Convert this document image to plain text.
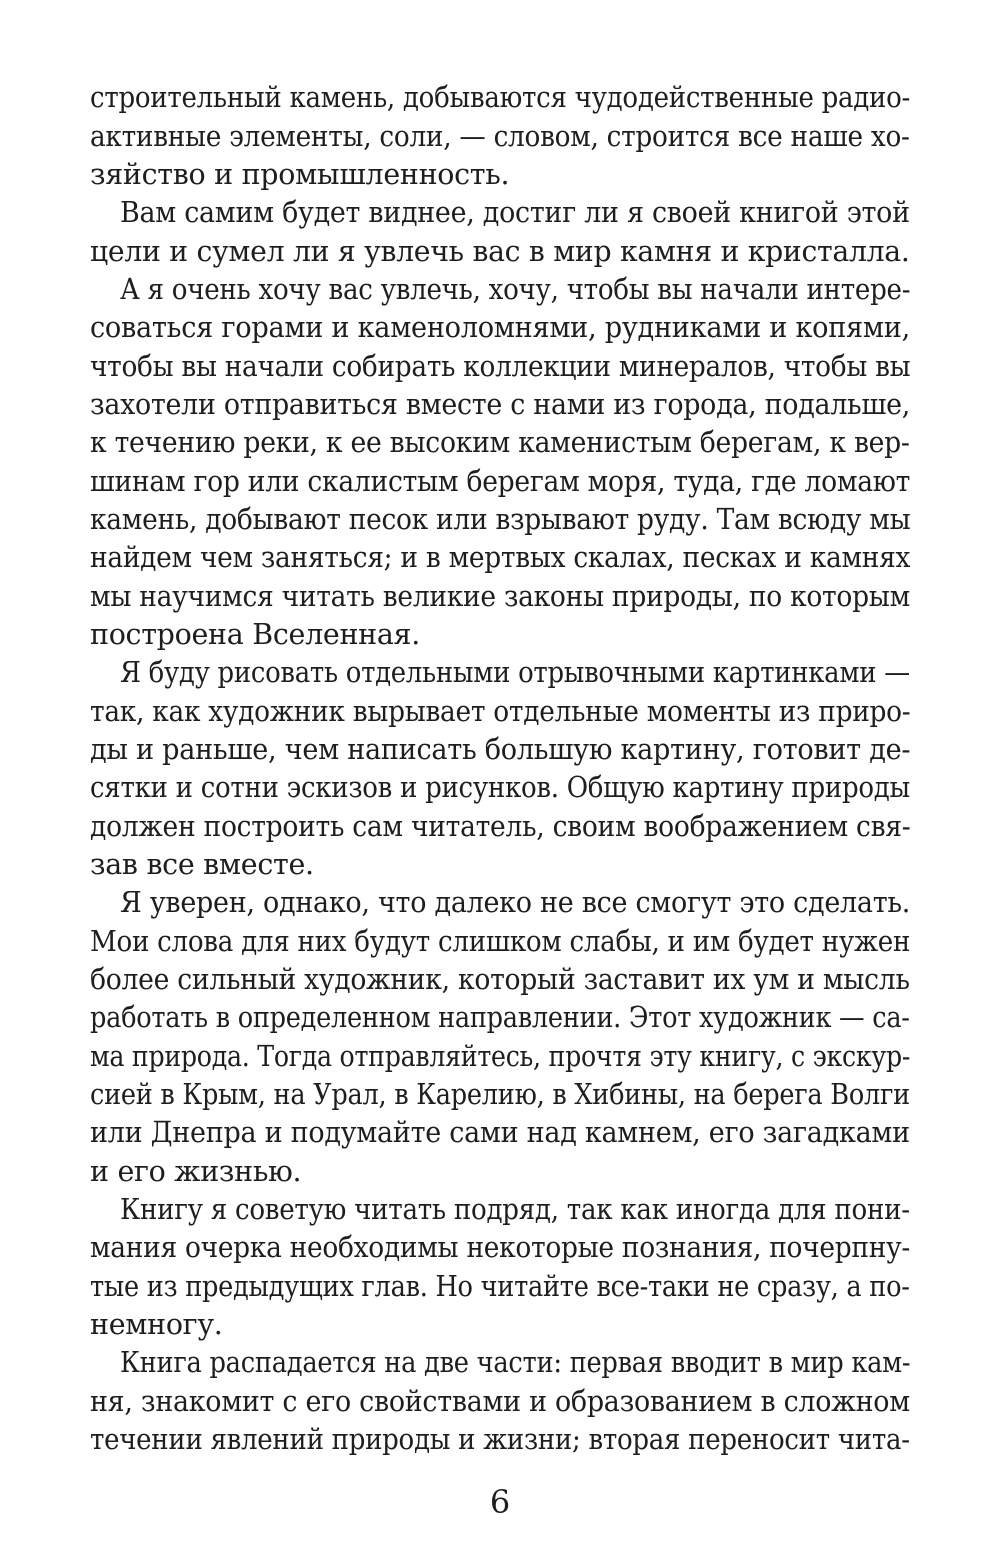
строительный камень, добываются чудодейственные радио-
активные элементы, соли, — словом, строится все наше хо-
зяйство и промышленность.
Вам самим будет виднее, достиг ли я своей книгой этой
цели и сумел ли я увлечь вас в мир камня и кристалла.
А я очень хочу вас увлечь, хочу, чтобы вы начали интере-
соваться горами и каменоломнями, рудниками и копями,
чтобы вы начали собирать коллекции минералов, чтобы вы
захотели отправиться вместе с нами из города, подальше,
к течению реки, к ее высоким каменистым берегам, к вер-
шинам гор или скалистым берегам моря, туда, где ломают
камень, добывают песок или взрывают руду. Там всюду мы
найдем чем заняться; и в мертвых скалах, песках и камнях
мы научимся читать великие законы природы, по которым
построена Вселенная.
Я буду рисовать отдельными отрывочными картинками —
так, как художник вырывает отдельные моменты из приро-
ды и раньше, чем написать большую картину, готовит де-
сятки и сотни эскизов и рисунков. Общую картину природы
должен построить сам читатель, своим воображением свя-
зав все вместе.
Я уверен, однако, что далеко не все смогут это сделать.
Мои слова для них будут слишком слабы, и им будет нужен
более сильный художник, который заставит их ум и мысль
работать в определенном направлении. Этот художник — са-
ма природа. Тогда отправляйтесь, прочтя эту книгу, с экскур-
сией в Крым, на Урал, в Карелию, в Хибины, на берега Волги
или Днепра и подумайте сами над камнем, его загадками
и его жизнью.
Книгу я советую читать подряд, так как иногда для пони-
мания очерка необходимы некоторые познания, почерпну-
тые из предыдущих глав. Но читайте все-таки не сразу, а по-
немногу.
Книга распадается на две части: первая вводит в мир кам-
ня, знакомит с его свойствами и образованием в сложном
течении явлений природы и жизни; вторая переносит чита-
6
